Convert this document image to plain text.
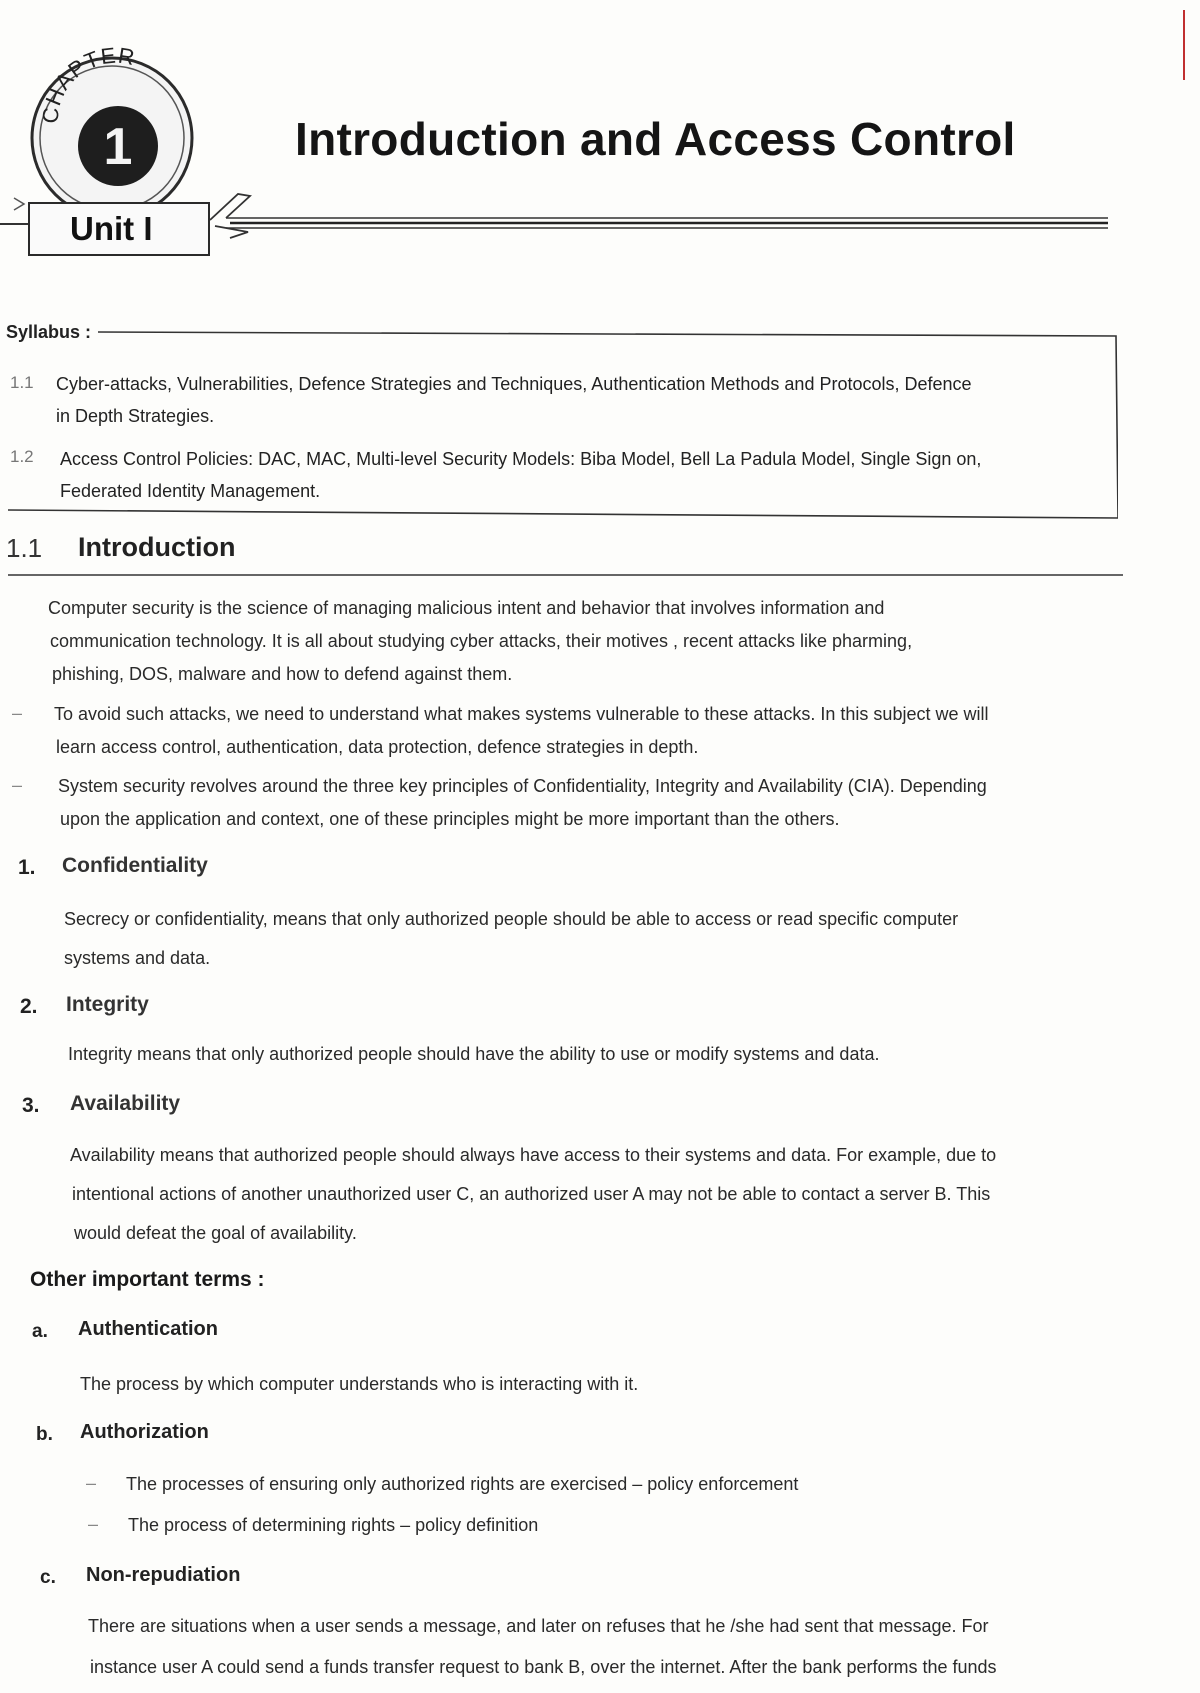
CHAPTER
1	Introduction and Access Control
Unit I
Syllabus :
1.1 Cyber-attacks, Vulnerabilities, Defence Strategies and Techniques, Authentication Methods and Protocols, Defence
in Depth Strategies.
1.2 Access Control Policies: DAC, MAC, Multi-level Security Models: Biba Model, Bell La Padula Model, Single Sign on,
Federated Identity Management.
1.1 Introduction
Computer security is the science of managing malicious intent and behavior that involves information and
communication technology. It is all about studying cyber attacks, their motives , recent attacks like pharming,
phishing, DOS, malware and how to defend against them.
– To avoid such attacks, we need to understand what makes systems vulnerable to these attacks. In this subject we will
learn access control, authentication, data protection, defence strategies in depth.
– System security revolves around the three key principles of Confidentiality, Integrity and Availability (CIA). Depending
upon the application and context, one of these principles might be more important than the others.
1. Confidentiality
Secrecy or confidentiality, means that only authorized people should be able to access or read specific computer
systems and data.
2. Integrity
Integrity means that only authorized people should have the ability to use or modify systems and data.
3. Availability
Availability means that authorized people should always have access to their systems and data. For example, due to
intentional actions of another unauthorized user C, an authorized user A may not be able to contact a server B. This
would defeat the goal of availability.
Other important terms :
a. Authentication
The process by which computer understands who is interacting with it.
b. Authorization
– The processes of ensuring only authorized rights are exercised – policy enforcement
– The process of determining rights – policy definition
c. Non-repudiation
There are situations when a user sends a message, and later on refuses that he /she had sent that message. For
instance user A could send a funds transfer request to bank B, over the internet. After the bank performs the funds
